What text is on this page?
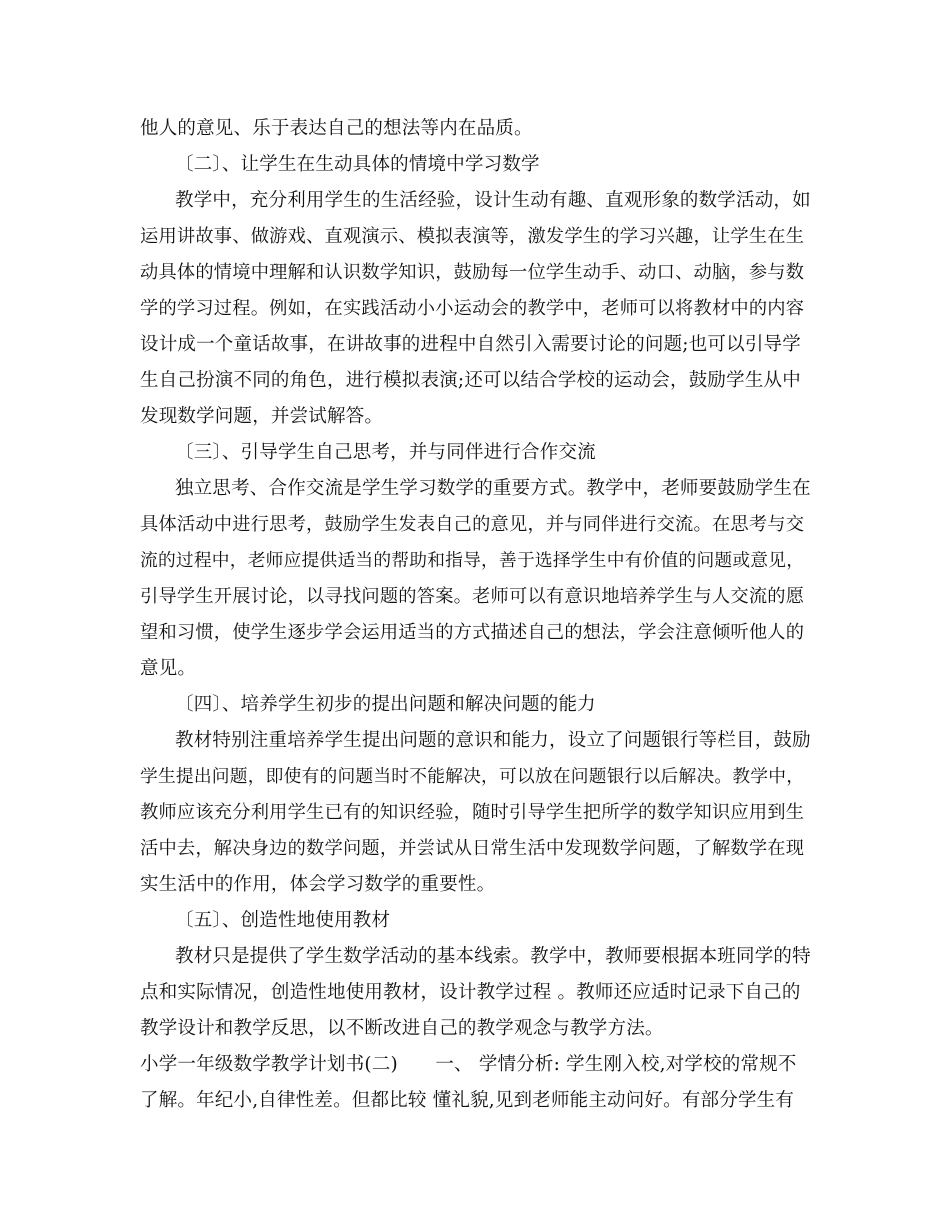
他人的意见、乐于表达自己的想法等内在品质。
〔二〕、让学生在生动具体的情境中学习数学
教学中，充分利用学生的生活经验，设计生动有趣、直观形象的数学活动，如
运用讲故事、做游戏、直观演示、模拟表演等，激发学生的学习兴趣，让学生在生
动具体的情境中理解和认识数学知识，鼓励每一位学生动手、动口、动脑，参与数
学的学习过程。例如，在实践活动小小运动会的教学中，老师可以将教材中的内容
设计成一个童话故事，在讲故事的进程中自然引入需要讨论的问题;也可以引导学
生自己扮演不同的角色，进行模拟表演;还可以结合学校的运动会，鼓励学生从中
发现数学问题，并尝试解答。
〔三〕、引导学生自己思考，并与同伴进行合作交流
独立思考、合作交流是学生学习数学的重要方式。教学中，老师要鼓励学生在
具体活动中进行思考，鼓励学生发表自己的意见，并与同伴进行交流。在思考与交
流的过程中，老师应提供适当的帮助和指导，善于选择学生中有价值的问题或意见，
引导学生开展讨论，以寻找问题的答案。老师可以有意识地培养学生与人交流的愿
望和习惯，使学生逐步学会运用适当的方式描述自己的想法，学会注意倾听他人的
意见。
〔四〕、培养学生初步的提出问题和解决问题的能力
教材特别注重培养学生提出问题的意识和能力，设立了问题银行等栏目，鼓励
学生提出问题，即使有的问题当时不能解决，可以放在问题银行以后解决。教学中，
教师应该充分利用学生已有的知识经验，随时引导学生把所学的数学知识应用到生
活中去，解决身边的数学问题，并尝试从日常生活中发现数学问题，了解数学在现
实生活中的作用，体会学习数学的重要性。
〔五〕、创造性地使用教材
教材只是提供了学生数学活动的基本线索。教学中，教师要根据本班同学的特
点和实际情况，创造性地使用教材，设计教学过程 。教师还应适时记录下自己的
教学设计和教学反思，以不断改进自己的教学观念与教学方法。
小学一年级数学教学计划书(二)　　一、 学情分析: 学生刚入校,对学校的常规不
了解。年纪小,自律性差。但都比较 懂礼貌,见到老师能主动问好。有部分学生有
